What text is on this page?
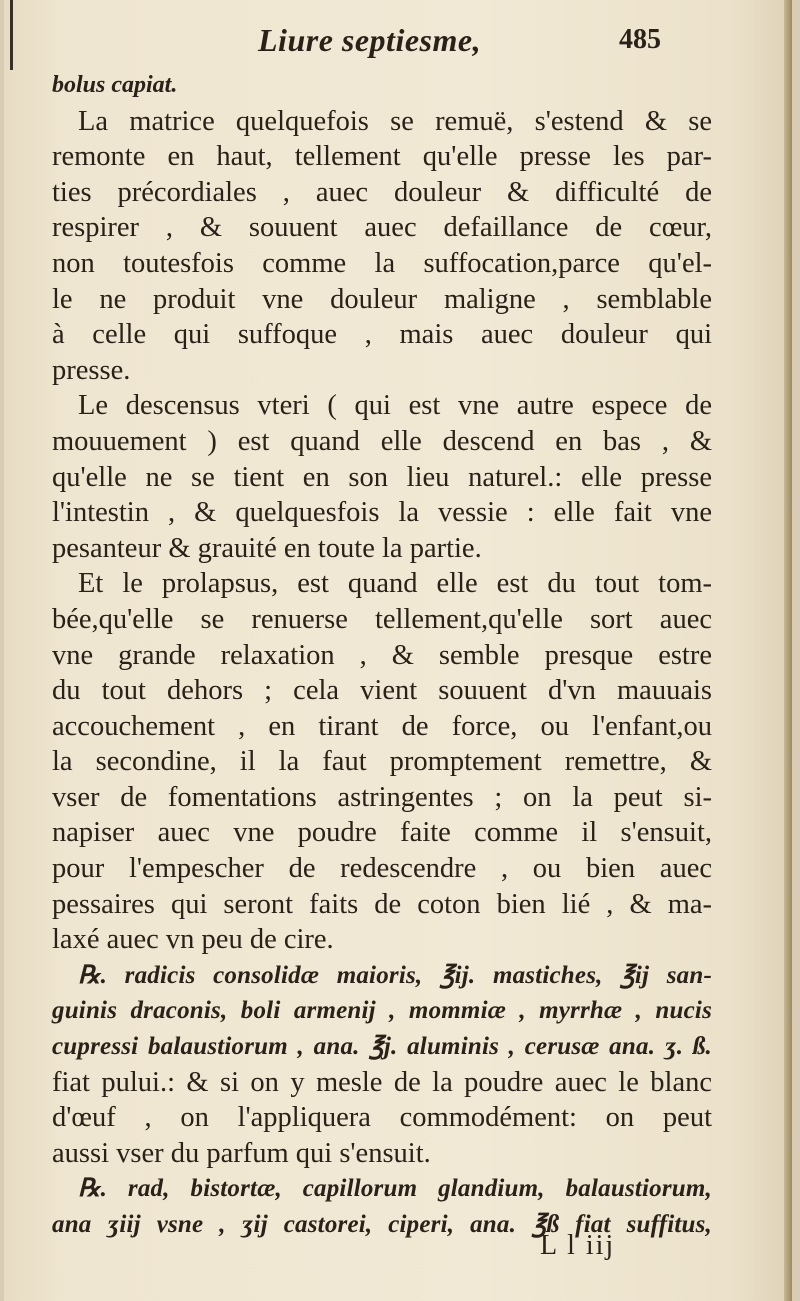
Liure septiesme,	485
bolus capiat.
La matrice quelquefois se remuë, s'estend & se
remonte en haut, tellement qu'elle presse les par-
ties précordiales , auec douleur & difficulté de
respirer , & souuent auec defaillance de cœur,
non toutesfois comme la suffocation,parce qu'el-
le ne produit vne douleur maligne , semblable
à celle qui suffoque , mais auec douleur qui
presse.
Le descensus vteri ( qui est vne autre espece de
mouuement ) est quand elle descend en bas , &
qu'elle ne se tient en son lieu naturel.: elle presse
l'intestin , & quelquesfois la vessie : elle fait vne
pesanteur & grauité en toute la partie.
Et le prolapsus, est quand elle est du tout tom-
bée,qu'elle se renuerse tellement,qu'elle sort auec
vne grande relaxation , & semble presque estre
du tout dehors ; cela vient souuent d'vn mauuais
accouchement , en tirant de force, ou l'enfant,ou
la secondine, il la faut promptement remettre, &
vser de fomentations astringentes ; on la peut si-
napiser auec vne poudre faite comme il s'ensuit,
pour l'empescher de redescendre , ou bien auec
pessaires qui seront faits de coton bien lié , & ma-
laxé auec vn peu de cire.
℞. radicis consolidæ maioris, ℥ij. mastiches, ℥ij san-
guinis draconis, boli armenij , mommiæ , myrrhæ , nucis
cupressi balaustiorum , ana. ℥j. aluminis , cerusæ ana. ʒ. ß.
fiat pului.: & si on y mesle de la poudre auec le blanc
d'œuf , on l'appliquera commodément: on peut
aussi vser du parfum qui s'ensuit.
℞. rad, bistortæ, capillorum glandium, balaustiorum,
ana ʒiij vsne , ʒij castorei, ciperi, ana. ℥ß fiat suffitus,
L l iij
